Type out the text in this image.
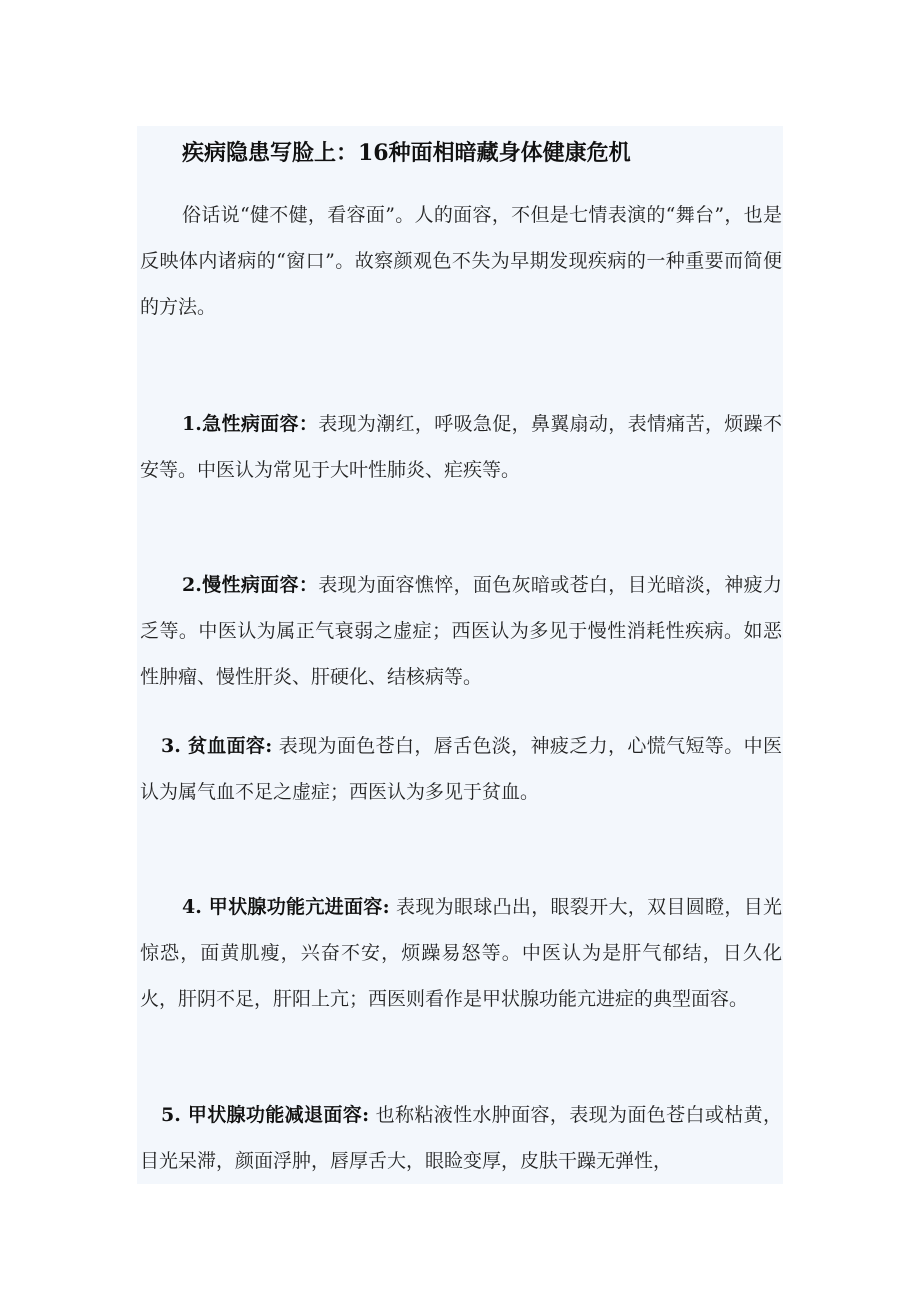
疾病隐患写脸上：16种面相暗藏身体健康危机

俗话说“健不健，看容面”。人的面容，不但是七情表演的“舞台”，也是反映体内诸病的“窗口”。故察颜观色不失为早期发现疾病的一种重要而简便的方法。

1.急性病面容：表现为潮红，呼吸急促，鼻翼扇动，表情痛苦，烦躁不安等。中医认为常见于大叶性肺炎、疟疾等。

2.慢性病面容：表现为面容憔悴，面色灰暗或苍白，目光暗淡，神疲力乏等。中医认为属正气衰弱之虚症；西医认为多见于慢性消耗性疾病。如恶性肿瘤、慢性肝炎、肝硬化、结核病等。

3. 贫血面容: 表现为面色苍白，唇舌色淡，神疲乏力，心慌气短等。中医认为属气血不足之虚症；西医认为多见于贫血。

4. 甲状腺功能亢进面容: 表现为眼球凸出，眼裂开大，双目圆瞪，目光惊恐，面黄肌瘦，兴奋不安，烦躁易怒等。中医认为是肝气郁结，日久化火，肝阴不足，肝阳上亢；西医则看作是甲状腺功能亢进症的典型面容。

5. 甲状腺功能减退面容: 也称粘液性水肿面容，表现为面色苍白或枯黄，目光呆滞，颜面浮肿，唇厚舌大，眼睑变厚，皮肤干躁无弹性，
